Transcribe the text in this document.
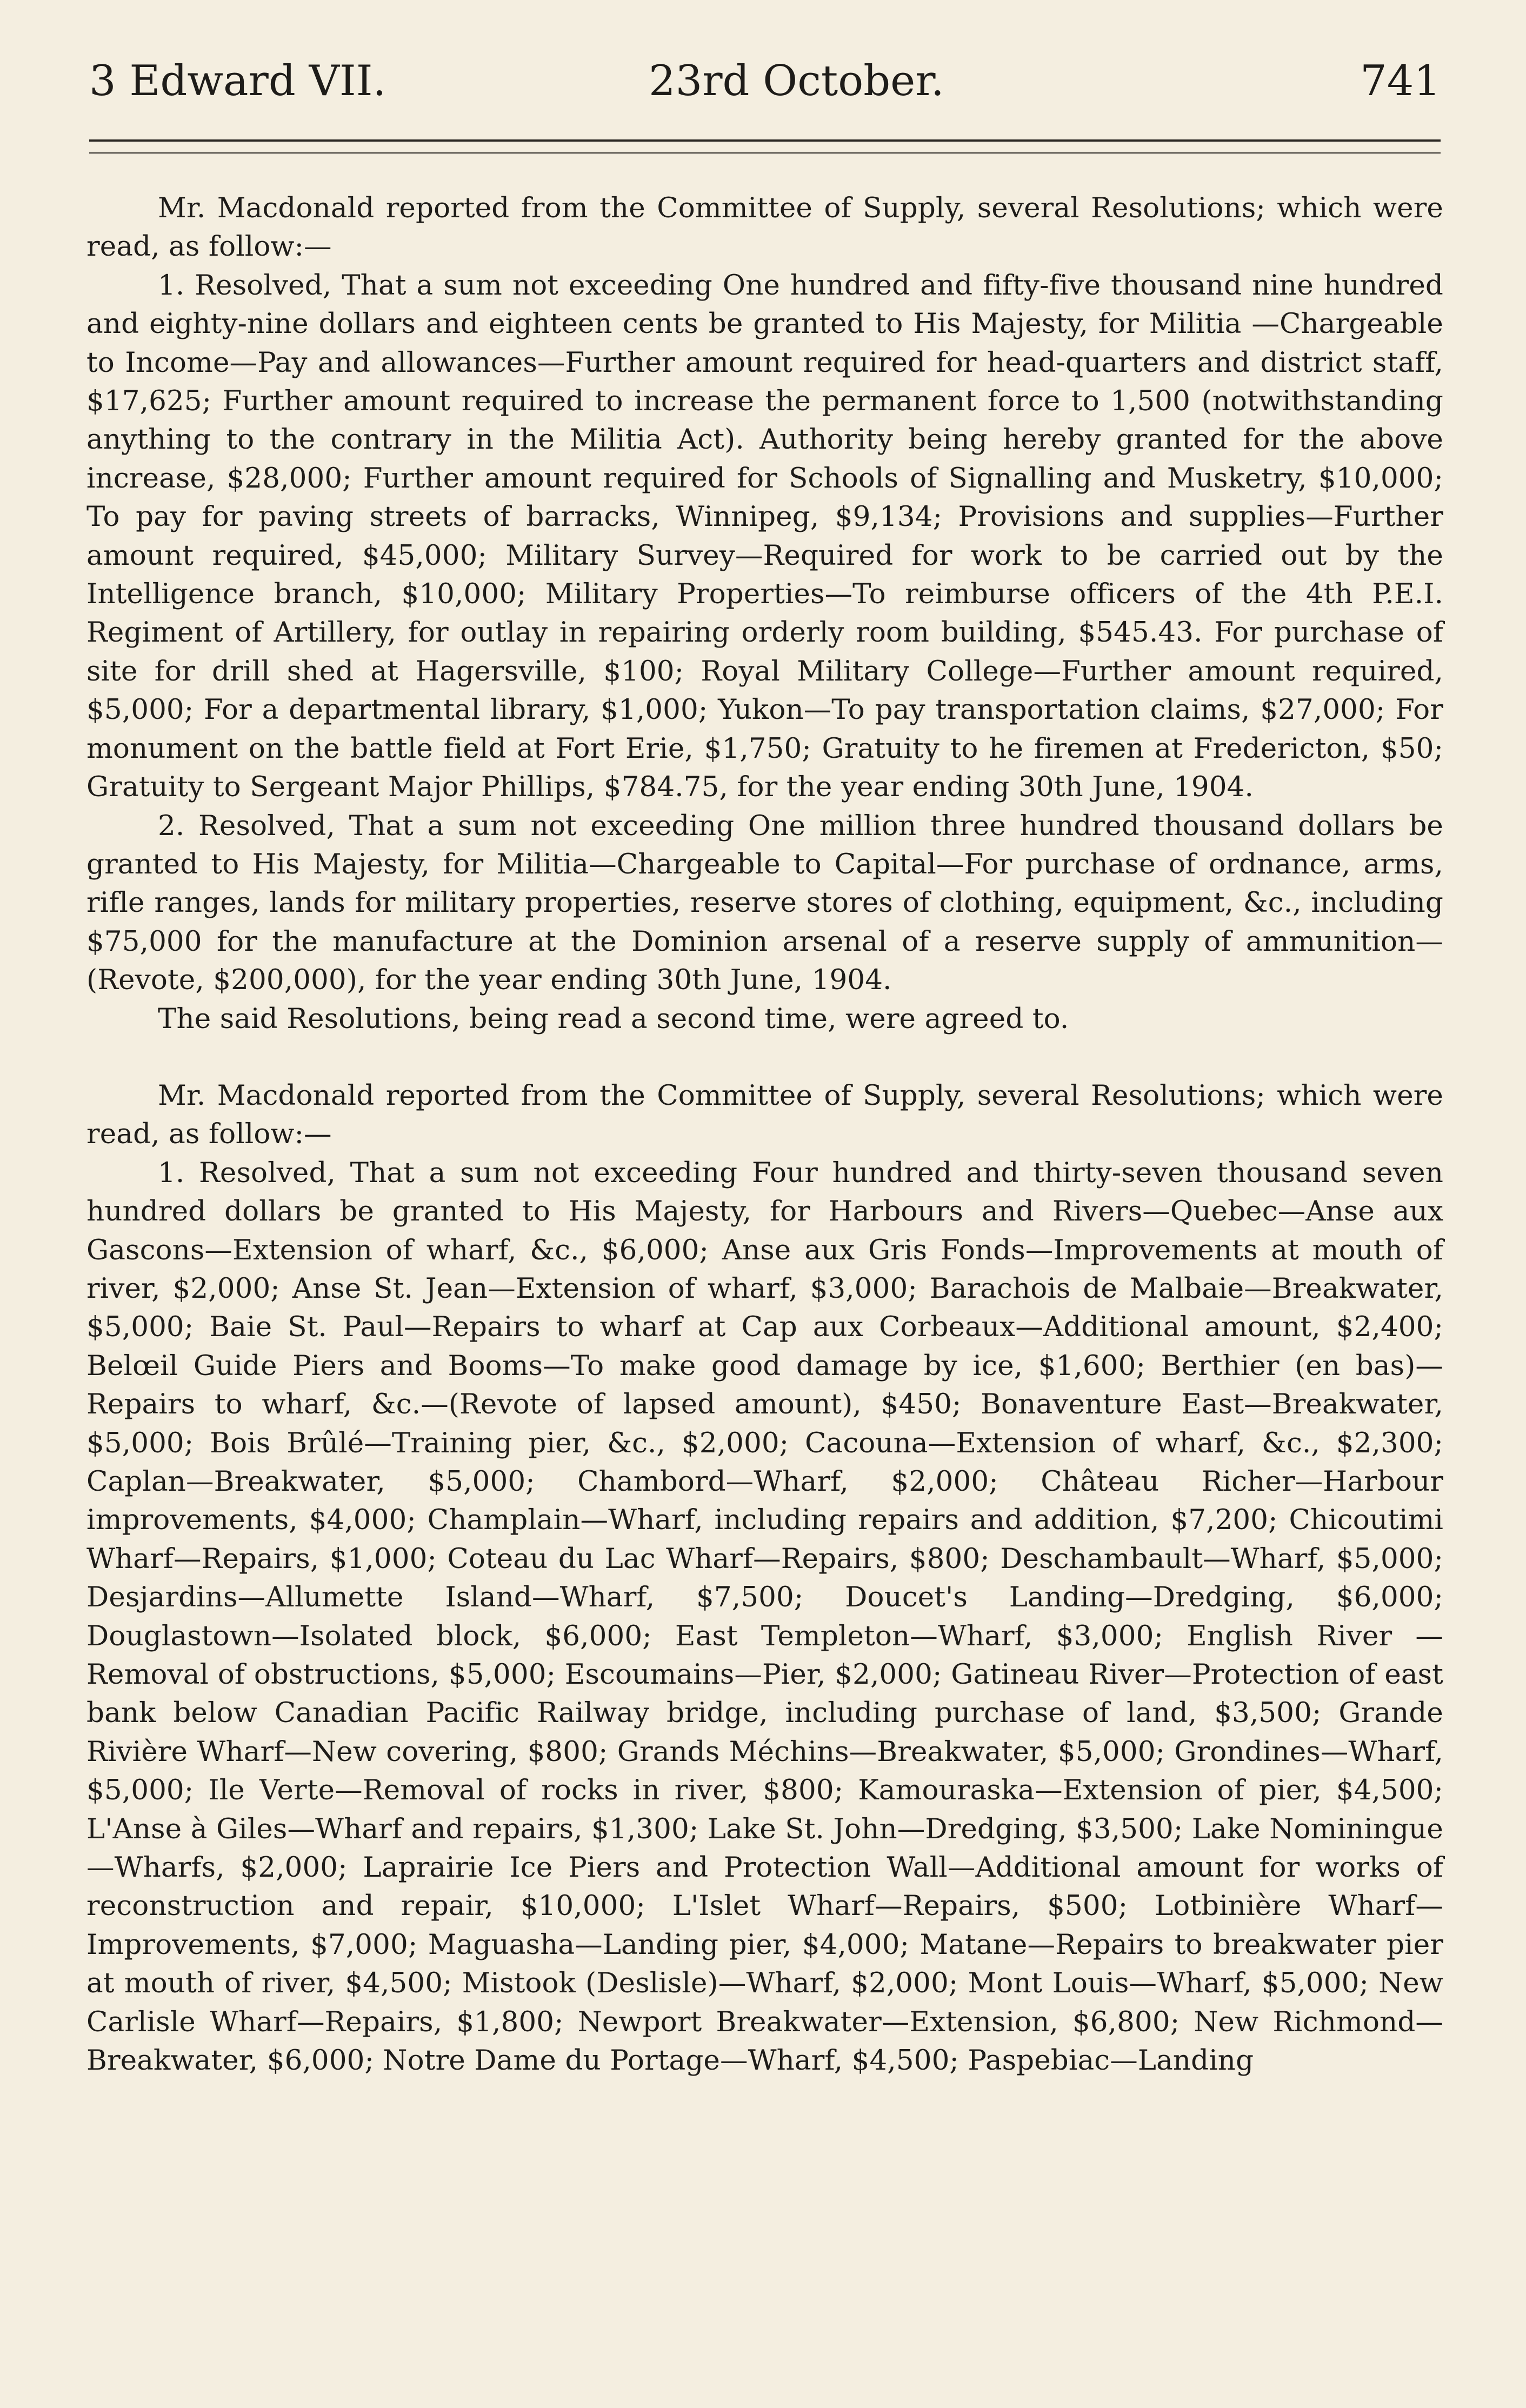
3 Edward VII.	23rd October.	741

Mr. Macdonald reported from the Committee of Supply, several Resolutions; which were read, as follow:—

1. Resolved, That a sum not exceeding One hundred and fifty-five thousand nine hundred and eighty-nine dollars and eighteen cents be granted to His Majesty, for Militia —Chargeable to Income—Pay and allowances—Further amount required for head-quarters and district staff, $17,625; Further amount required to increase the permanent force to 1,500 (notwithstanding anything to the contrary in the Militia Act). Authority being hereby granted for the above increase, $28,000; Further amount required for Schools of Signalling and Musketry, $10,000; To pay for paving streets of barracks, Winnipeg, $9,134; Provisions and supplies—Further amount required, $45,000; Military Survey—Required for work to be carried out by the Intelligence branch, $10,000; Military Properties—To reimburse officers of the 4th P.E.I. Regiment of Artillery, for outlay in repairing orderly room building, $545.43. For purchase of site for drill shed at Hagersville, $100; Royal Military College—Further amount required, $5,000; For a departmental library, $1,000; Yukon—To pay transportation claims, $27,000; For monument on the battle field at Fort Erie, $1,750; Gratuity to he firemen at Fredericton, $50; Gratuity to Sergeant Major Phillips, $784.75, for the year ending 30th June, 1904.

2. Resolved, That a sum not exceeding One million three hundred thousand dollars be granted to His Majesty, for Militia—Chargeable to Capital—For purchase of ordnance, arms, rifle ranges, lands for military properties, reserve stores of clothing, equipment, &c., including $75,000 for the manufacture at the Dominion arsenal of a reserve supply of ammunition—(Revote, $200,000), for the year ending 30th June, 1904.

The said Resolutions, being read a second time, were agreed to.

Mr. Macdonald reported from the Committee of Supply, several Resolutions; which were read, as follow:—

1. Resolved, That a sum not exceeding Four hundred and thirty-seven thousand seven hundred dollars be granted to His Majesty, for Harbours and Rivers—Quebec—Anse aux Gascons—Extension of wharf, &c., $6,000; Anse aux Gris Fonds—Improvements at mouth of river, $2,000; Anse St. Jean—Extension of wharf, $3,000; Barachois de Malbaie—Breakwater, $5,000; Baie St. Paul—Repairs to wharf at Cap aux Corbeaux—Additional amount, $2,400; Belœil Guide Piers and Booms—To make good damage by ice, $1,600; Berthier (en bas)—Repairs to wharf, &c.—(Revote of lapsed amount), $450; Bonaventure East—Breakwater, $5,000; Bois Brûlé—Training pier, &c., $2,000; Cacouna—Extension of wharf, &c., $2,300; Caplan—Breakwater, $5,000; Chambord—Wharf, $2,000; Château Richer—Harbour improvements, $4,000; Champlain—Wharf, including repairs and addition, $7,200; Chicoutimi Wharf—Repairs, $1,000; Coteau du Lac Wharf—Repairs, $800; Deschambault—Wharf, $5,000; Desjardins—Allumette Island—Wharf, $7,500; Doucet's Landing—Dredging, $6,000; Douglastown—Isolated block, $6,000; East Templeton—Wharf, $3,000; English River —Removal of obstructions, $5,000; Escoumains—Pier, $2,000; Gatineau River—Protection of east bank below Canadian Pacific Railway bridge, including purchase of land, $3,500; Grande Rivière Wharf—New covering, $800; Grands Méchins—Breakwater, $5,000; Grondines—Wharf, $5,000; Ile Verte—Removal of rocks in river, $800; Kamouraska—Extension of pier, $4,500; L'Anse à Giles—Wharf and repairs, $1,300; Lake St. John—Dredging, $3,500; Lake Nominingue—Wharfs, $2,000; Laprairie Ice Piers and Protection Wall—Additional amount for works of reconstruction and repair, $10,000; L'Islet Wharf—Repairs, $500; Lotbinière Wharf—Improvements, $7,000; Maguasha—Landing pier, $4,000; Matane—Repairs to breakwater pier at mouth of river, $4,500; Mistook (Deslisle)—Wharf, $2,000; Mont Louis—Wharf, $5,000; New Carlisle Wharf—Repairs, $1,800; Newport Breakwater—Extension, $6,800; New Richmond—Breakwater, $6,000; Notre Dame du Portage—Wharf, $4,500; Paspebiac—Landing
